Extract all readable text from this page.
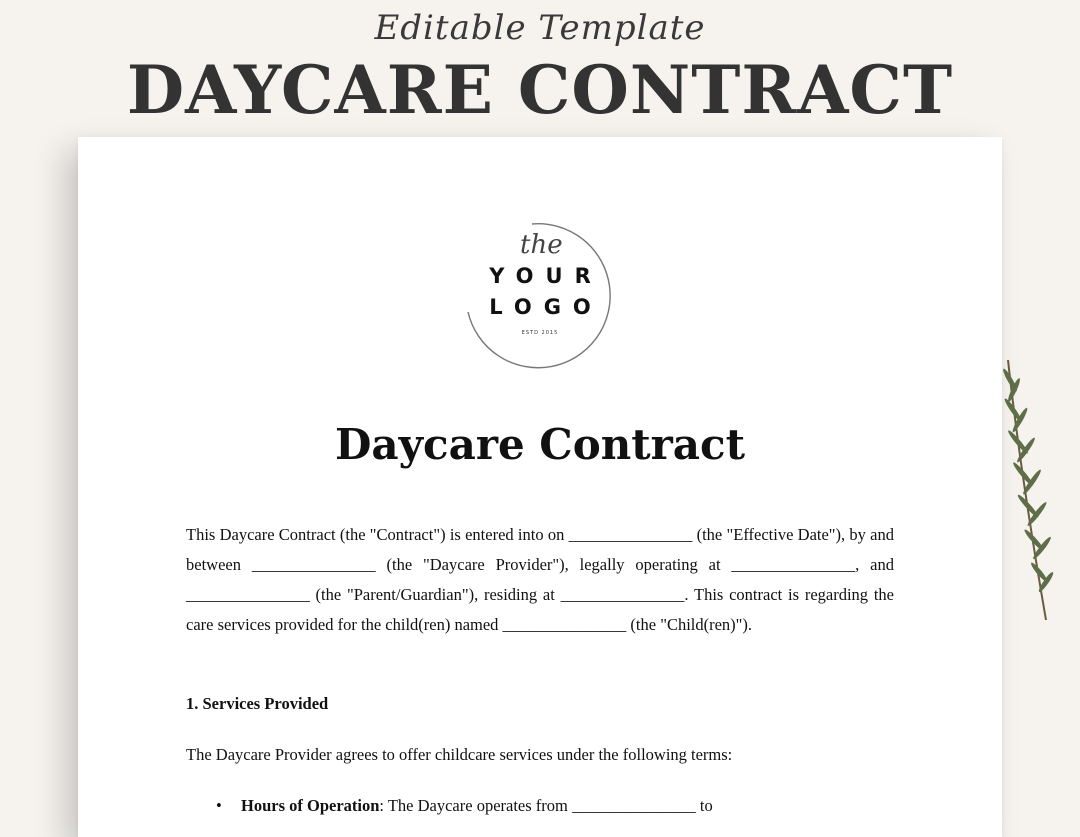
Editable Template
DAYCARE CONTRACT
the
YOUR
LOGO
ESTD 2015
Daycare Contract

This Daycare Contract (the "Contract") is entered into on _______________ (the "Effective Date"), by and between _______________ (the "Daycare Provider"), legally operating at _______________, and _______________ (the "Parent/Guardian"), residing at _______________. This contract is regarding the care services provided for the child(ren) named _______________ (the "Child(ren)").

1. Services Provided
The Daycare Provider agrees to offer childcare services under the following terms:
• Hours of Operation: The Daycare operates from _______________ to
